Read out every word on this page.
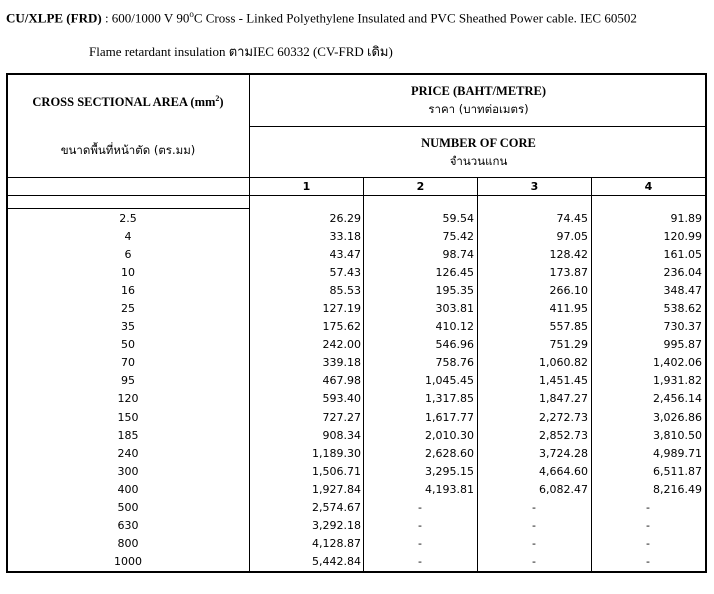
CU/XLPE (FRD) : 600/1000 V 90$^o$C Cross - Linked Polyethylene Insulated and PVC Sheathed Power cable. IEC 60502
Flame retardant insulation ตามIEC 60332 (CV-FRD เดิม)
CROSS SECTIONAL AREA $(mm^2)$
ขนาดพื้นที่หน้าตัด (ตร.มม)
PRICE (BAHT/METRE)
ราคา (บาทต่อเมตร)
NUMBER OF CORE
จำนวนแกน
1	2	3	4
2.5	26.29	59.54	74.45	91.89
4	33.18	75.42	97.05	120.99
6	43.47	98.74	128.42	161.05
10	57.43	126.45	173.87	236.04
16	85.53	195.35	266.10	348.47
25	127.19	303.81	411.95	538.62
35	175.62	410.12	557.85	730.37
50	242.00	546.96	751.29	995.87
70	339.18	758.76	1,060.82	1,402.06
95	467.98	1,045.45	1,451.45	1,931.82
120	593.40	1,317.85	1,847.27	2,456.14
150	727.27	1,617.77	2,272.73	3,026.86
185	908.34	2,010.30	2,852.73	3,810.50
240	1,189.30	2,628.60	3,724.28	4,989.71
300	1,506.71	3,295.15	4,664.60	6,511.87
400	1,927.84	4,193.81	6,082.47	8,216.49
500	2,574.67	-	-	-
630	3,292.18	-	-	-
800	4,128.87	-	-	-
1000	5,442.84	-	-	-
